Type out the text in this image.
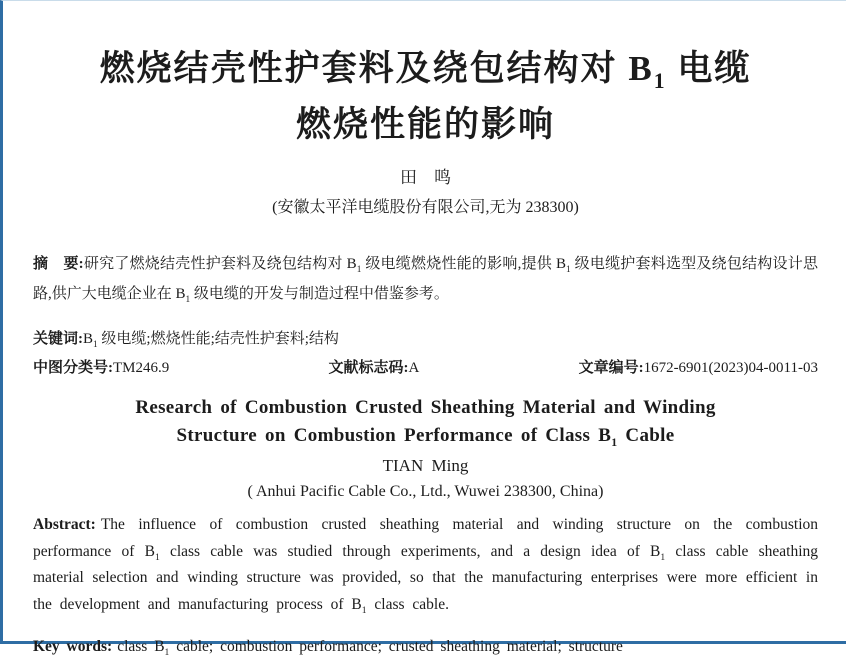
燃烧结壳性护套料及绕包结构对 $B_1$ 电缆
燃烧性能的影响

田　鸣

(安徽太平洋电缆股份有限公司,无为 238300)

摘　要:研究了燃烧结壳性护套料及绕包结构对 $B_1$ 级电缆燃烧性能的影响,提供 $B_1$ 级电缆护套料选型及绕包结构设计思路,供广大电缆企业在 $B_1$ 级电缆的开发与制造过程中借鉴参考。

关键词$:B_1$ 级电缆;燃烧性能;结壳性护套料;结构

中图分类号:TM246.9	文献标志码:A	文章编号:1672-6901(2023)04-0011-03
Research of Combustion Crusted Sheathing Material and Winding
Structure on Combustion Performance of Class $B_1$ Cable

TIAN Ming

( Anhui Pacific Cable Co., Ltd., Wuwei 238300, China)

Abstract: The influence of combustion crusted sheathing material and winding structure on the combustion performance of $B_1$ class cable was studied through experiments, and a design idea of $B_1$ class cable sheathing material selection and winding structure was provided, so that the manufacturing enterprises were more efficient in the development and manufacturing process of $B_1$ class cable.

Key words: class $B_1$ cable; combustion performance; crusted sheathing material; structure
